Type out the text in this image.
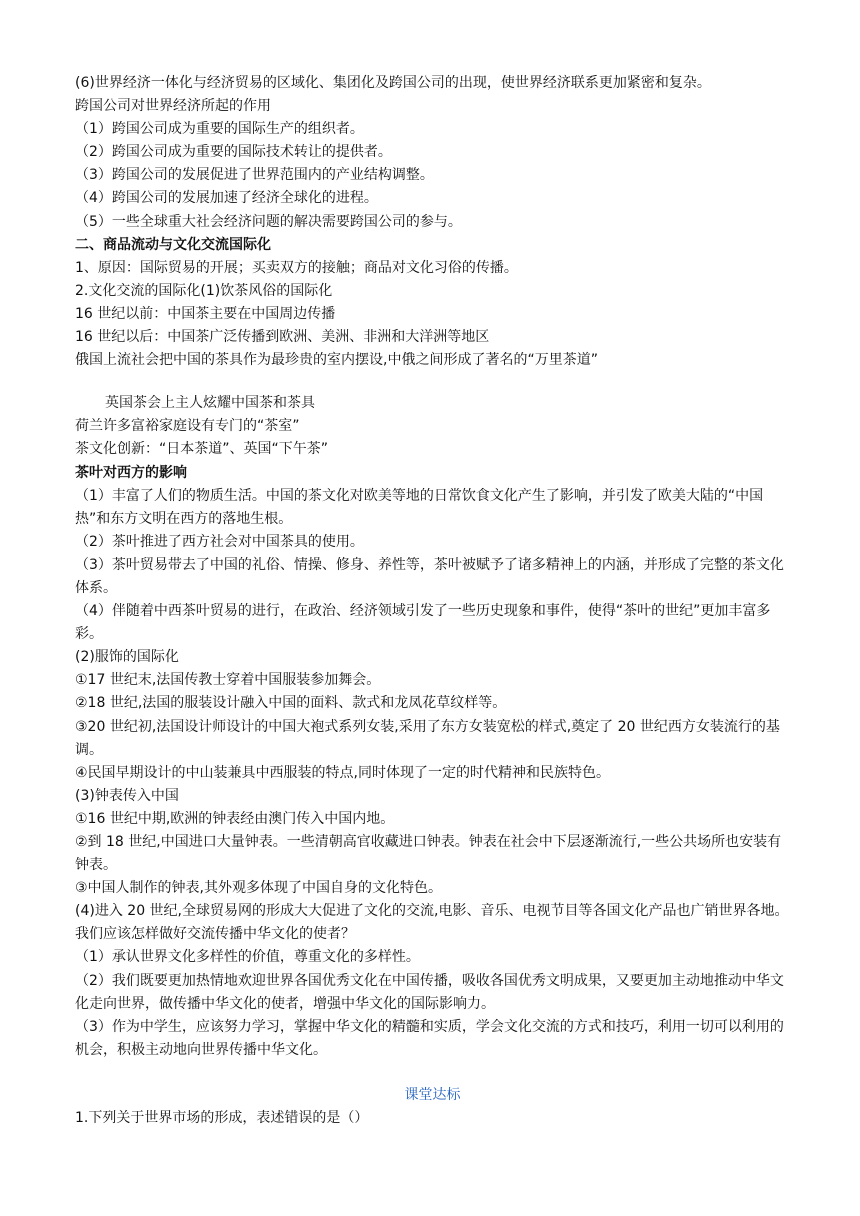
(6)世界经济一体化与经济贸易的区域化、集团化及跨国公司的出现，使世界经济联系更加紧密和复杂。

跨国公司对世界经济所起的作用

（1）跨国公司成为重要的国际生产的组织者。

（2）跨国公司成为重要的国际技术转让的提供者。

（3）跨国公司的发展促进了世界范围内的产业结构调整。

（4）跨国公司的发展加速了经济全球化的进程。

（5）一些全球重大社会经济问题的解决需要跨国公司的参与。

二、商品流动与文化交流国际化

1、原因：国际贸易的开展；买卖双方的接触；商品对文化习俗的传播。

2.文化交流的国际化(1)饮茶风俗的国际化

16 世纪以前：中国茶主要在中国周边传播

16 世纪以后：中国茶广泛传播到欧洲、美洲、非洲和大洋洲等地区

俄国上流社会把中国的茶具作为最珍贵的室内摆设,中俄之间形成了著名的“万里茶道”

英国茶会上主人炫耀中国茶和茶具

荷兰许多富裕家庭设有专门的“茶室”

茶文化创新：“日本茶道”、英国“下午茶”

茶叶对西方的影响

（1）丰富了人们的物质生活。中国的茶文化对欧美等地的日常饮食文化产生了影响，并引发了欧美大陆的“中国热”和东方文明在西方的落地生根。

（2）茶叶推进了西方社会对中国茶具的使用。

（3）茶叶贸易带去了中国的礼俗、情操、修身、养性等，茶叶被赋予了诸多精神上的内涵，并形成了完整的茶文化体系。

（4）伴随着中西茶叶贸易的进行，在政治、经济领域引发了一些历史现象和事件，使得“茶叶的世纪”更加丰富多彩。

(2)服饰的国际化

①17 世纪末,法国传教士穿着中国服装参加舞会。

②18 世纪,法国的服装设计融入中国的面料、款式和龙凤花草纹样等。

③20 世纪初,法国设计师设计的中国大袍式系列女装,采用了东方女装宽松的样式,奠定了 20 世纪西方女装流行的基调。

④民国早期设计的中山装兼具中西服装的特点,同时体现了一定的时代精神和民族特色。

(3)钟表传入中国

①16 世纪中期,欧洲的钟表经由澳门传入中国内地。

②到 18 世纪,中国进口大量钟表。一些清朝高官收藏进口钟表。钟表在社会中下层逐渐流行,一些公共场所也安装有钟表。

③中国人制作的钟表,其外观多体现了中国自身的文化特色。

(4)进入 20 世纪,全球贸易网的形成大大促进了文化的交流,电影、音乐、电视节目等各国文化产品也广销世界各地。

我们应该怎样做好交流传播中华文化的使者？

（1）承认世界文化多样性的价值，尊重文化的多样性。

（2）我们既要更加热情地欢迎世界各国优秀文化在中国传播，吸收各国优秀文明成果，又要更加主动地推动中华文化走向世界，做传播中华文化的使者，增强中华文化的国际影响力。

（3）作为中学生，应该努力学习，掌握中华文化的精髓和实质，学会文化交流的方式和技巧，利用一切可以利用的机会，积极主动地向世界传播中华文化。

课堂达标

1.下列关于世界市场的形成，表述错误的是（）
